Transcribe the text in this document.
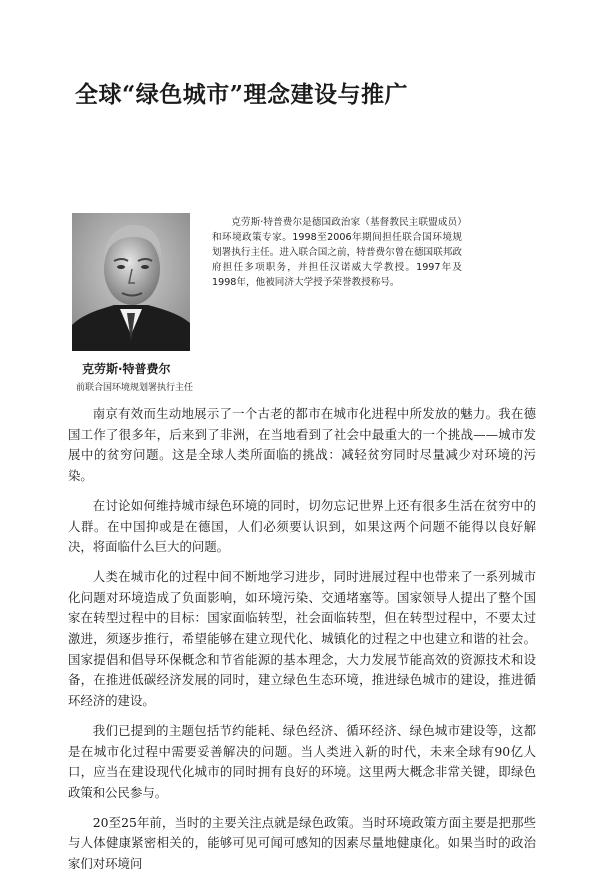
全球“绿色城市”理念建设与推广

克劳斯·特普费尔是德国政治家（基督教民主联盟成员）和环境政策专家。1998至2006年期间担任联合国环境规划署执行主任。进入联合国之前，特普费尔曾在德国联邦政府担任多项职务，并担任汉诺威大学教授。1997年及1998年，他被同济大学授予荣誉教授称号。

克劳斯·特普费尔
前联合国环境规划署执行主任

南京有效而生动地展示了一个古老的都市在城市化进程中所发放的魅力。我在德国工作了很多年，后来到了非洲，在当地看到了社会中最重大的一个挑战——城市发展中的贫穷问题。这是全球人类所面临的挑战：减轻贫穷同时尽量减少对环境的污染。

在讨论如何维持城市绿色环境的同时，切勿忘记世界上还有很多生活在贫穷中的人群。在中国抑或是在德国，人们必须要认识到，如果这两个问题不能得以良好解决，将面临什么巨大的问题。

人类在城市化的过程中间不断地学习进步，同时进展过程中也带来了一系列城市化问题对环境造成了负面影响，如环境污染、交通堵塞等。国家领导人提出了整个国家在转型过程中的目标：国家面临转型，社会面临转型，但在转型过程中，不要太过激进，须逐步推行，希望能够在建立现代化、城镇化的过程之中也建立和谐的社会。国家提倡和倡导环保概念和节省能源的基本理念，大力发展节能高效的资源技术和设备，在推进低碳经济发展的同时，建立绿色生态环境，推进绿色城市的建设，推进循环经济的建设。

我们已提到的主题包括节约能耗、绿色经济、循环经济、绿色城市建设等，这都是在城市化过程中需要妥善解决的问题。当人类进入新的时代，未来全球有90亿人口，应当在建设现代化城市的同时拥有良好的环境。这里两大概念非常关键，即绿色政策和公民参与。

20至25年前，当时的主要关注点就是绿色政策。当时环境政策方面主要是把那些与人体健康紧密相关的，能够可见可闻可感知的因素尽量地健康化。如果当时的政治家们对环境问
